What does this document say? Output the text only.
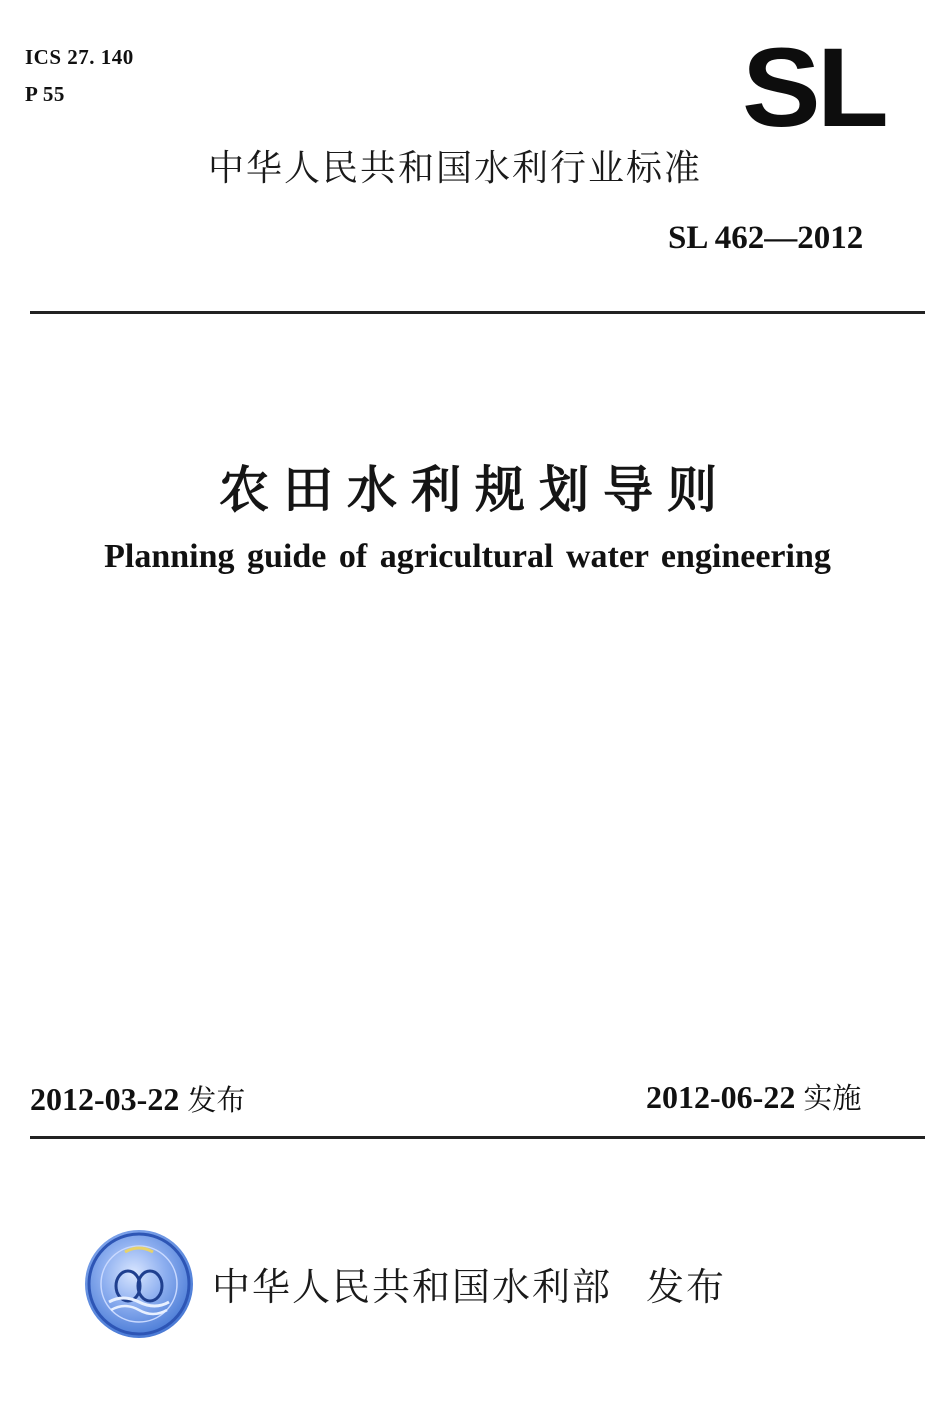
ICS 27. 140
P 55	SL
中华人民共和国水利行业标准
SL 462—2012
农田水利规划导则
Planning guide of agricultural water engineering
2012-03-22 发布	2012-06-22 实施
中华人民共和国水利部 发布
